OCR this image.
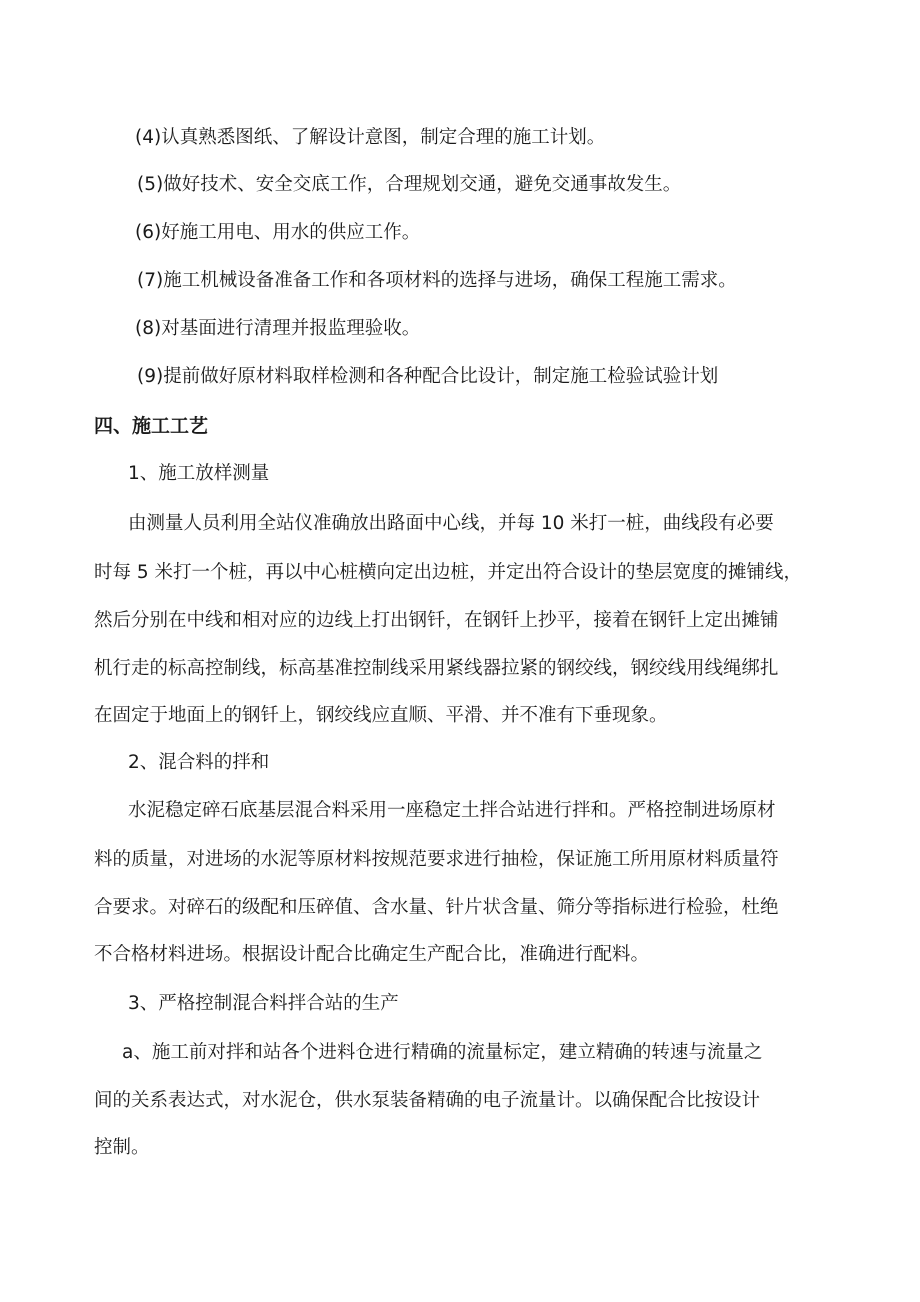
(4)认真熟悉图纸、了解设计意图，制定合理的施工计划。

(5)做好技术、安全交底工作，合理规划交通，避免交通事故发生。

(6)好施工用电、用水的供应工作。

(7)施工机械设备准备工作和各项材料的选择与进场，确保工程施工需求。

(8)对基面进行清理并报监理验收。

(9)提前做好原材料取样检测和各种配合比设计，制定施工检验试验计划

四、施工工艺

1、施工放样测量

由测量人员利用全站仪准确放出路面中心线，并每 10 米打一桩，曲线段有必要

时每 5 米打一个桩，再以中心桩横向定出边桩，并定出符合设计的垫层宽度的摊铺线，

然后分别在中线和相对应的边线上打出钢钎，在钢钎上抄平，接着在钢钎上定出摊铺

机行走的标高控制线，标高基准控制线采用紧线器拉紧的钢绞线，钢绞线用线绳绑扎

在固定于地面上的钢钎上，钢绞线应直顺、平滑、并不准有下垂现象。

2、混合料的拌和

水泥稳定碎石底基层混合料采用一座稳定土拌合站进行拌和。严格控制进场原材

料的质量，对进场的水泥等原材料按规范要求进行抽检，保证施工所用原材料质量符

合要求。对碎石的级配和压碎值、含水量、针片状含量、筛分等指标进行检验，杜绝

不合格材料进场。根据设计配合比确定生产配合比，准确进行配料。

3、严格控制混合料拌合站的生产

a、施工前对拌和站各个进料仓进行精确的流量标定，建立精确的转速与流量之

间的关系表达式，对水泥仓，供水泵装备精确的电子流量计。以确保配合比按设计

控制。
